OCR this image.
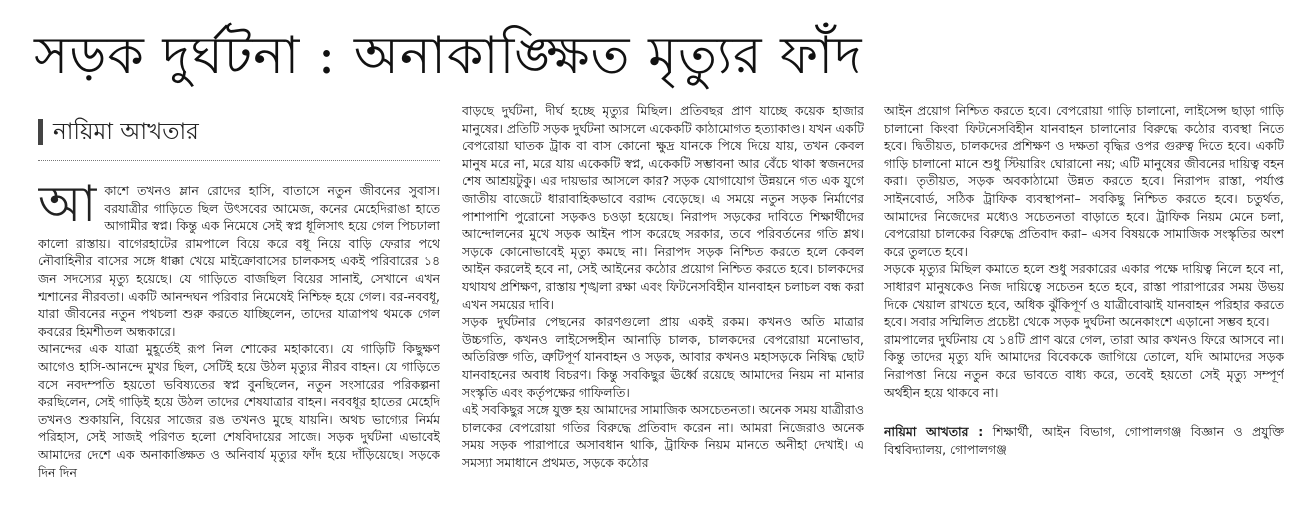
সড়ক দুর্ঘটনা : অনাকাঙ্ক্ষিত মৃত্যুর ফাঁদ
নায়িমা আখতার

আকাশে তখনও ম্লান রোদের হাসি, বাতাসে নতুন জীবনের সুবাস। বরযাত্রীর গাড়িতে ছিল উৎসবের আমেজ, কনের মেহেদিরাঙা হাতে আগামীর স্বপ্ন। কিন্তু এক নিমেষে সেই স্বপ্ন ধূলিসাৎ হয়ে গেল পিচঢালা কালো রাস্তায়। বাগেরহাটের রামপালে বিয়ে করে বধূ নিয়ে বাড়ি ফেরার পথে নৌবাহিনীর বাসের সঙ্গে ধাক্কা খেয়ে মাইক্রোবাসের চালকসহ একই পরিবারের ১৪ জন সদস্যের মৃত্যু হয়েছে। যে গাড়িতে বাজছিল বিয়ের সানাই, সেখানে এখন শ্মশানের নীরবতা। একটি আনন্দঘন পরিবার নিমেষেই নিশ্চিহ্ন হয়ে গেল। বর-নববধূ, যারা জীবনের নতুন পথচলা শুরু করতে যাচ্ছিলেন, তাদের যাত্রাপথ থমকে গেল কবরের হিমশীতল অন্ধকারে।

আনন্দের এক যাত্রা মুহূর্তেই রূপ নিল শোকের মহাকাব্যে। যে গাড়িটি কিছুক্ষণ আগেও হাসি-আনন্দে মুখর ছিল, সেটিই হয়ে উঠল মৃত্যুর নীরব বাহন। যে গাড়িতে বসে নবদম্পতি হয়তো ভবিষ্যতের স্বপ্ন বুনছিলেন, নতুন সংসারের পরিকল্পনা করছিলেন, সেই গাড়িই হয়ে উঠল তাদের শেষযাত্রার বাহন। নববধূর হাতের মেহেদি তখনও শুকায়নি, বিয়ের সাজের রঙ তখনও মুছে যায়নি। অথচ ভাগ্যের নির্মম পরিহাস, সেই সাজই পরিণত হলো শেষবিদায়ের সাজে। সড়ক দুর্ঘটনা এভাবেই আমাদের দেশে এক অনাকাঙ্ক্ষিত ও অনিবার্য মৃত্যুর ফাঁদ হয়ে দাঁড়িয়েছে। সড়কে দিন দিন

বাড়ছে দুর্ঘটনা, দীর্ঘ হচ্ছে মৃত্যুর মিছিল। প্রতিবছর প্রাণ যাচ্ছে কয়েক হাজার মানুষের। প্রতিটি সড়ক দুর্ঘটনা আসলে একেকটি কাঠামোগত হত্যাকাণ্ড। যখন একটি বেপরোয়া ঘাতক ট্রাক বা বাস কোনো ক্ষুদ্র যানকে পিষে দিয়ে যায়, তখন কেবল মানুষ মরে না, মরে যায় একেকটি স্বপ্ন, একেকটি সম্ভাবনা আর বেঁচে থাকা স্বজনদের শেষ আশ্রয়টুকু। এর দায়ভার আসলে কার? সড়ক যোগাযোগ উন্নয়নে গত এক যুগে জাতীয় বাজেটে ধারাবাহিকভাবে বরাদ্দ বেড়েছে। এ সময়ে নতুন সড়ক নির্মাণের পাশাপাশি পুরোনো সড়কও চওড়া হয়েছে। নিরাপদ সড়কের দাবিতে শিক্ষার্থীদের আন্দোলনের মুখে সড়ক আইন পাস করেছে সরকার, তবে পরিবর্তনের গতি শ্লথ। সড়কে কোনোভাবেই মৃত্যু কমছে না। নিরাপদ সড়ক নিশ্চিত করতে হলে কেবল আইন করলেই হবে না, সেই আইনের কঠোর প্রয়োগ নিশ্চিত করতে হবে। চালকদের যথাযথ প্রশিক্ষণ, রাস্তায় শৃঙ্খলা রক্ষা এবং ফিটনেসবিহীন যানবাহন চলাচল বন্ধ করা এখন সময়ের দাবি।

সড়ক দুর্ঘটনার পেছনের কারণগুলো প্রায় একই রকম। কখনও অতি মাত্রার উচ্চগতি, কখনও লাইসেন্সহীন আনাড়ি চালক, চালকদের বেপরোয়া মনোভাব, অতিরিক্ত গতি, ত্রুটিপূর্ণ যানবাহন ও সড়ক, আবার কখনও মহাসড়কে নিষিদ্ধ ছোট যানবাহনের অবাধ বিচরণ। কিন্তু সবকিছুর ঊর্ধ্বে রয়েছে আমাদের নিয়ম না মানার সংস্কৃতি এবং কর্তৃপক্ষের গাফিলতি।

এই সবকিছুর সঙ্গে যুক্ত হয় আমাদের সামাজিক অসচেতনতা। অনেক সময় যাত্রীরাও চালকের বেপরোয়া গতির বিরুদ্ধে প্রতিবাদ করেন না। আমরা নিজেরাও অনেক সময় সড়ক পারাপারে অসাবধান থাকি, ট্রাফিক নিয়ম মানতে অনীহা দেখাই। এ সমস্যা সমাধানে প্রথমত, সড়কে কঠোর

আইন প্রয়োগ নিশ্চিত করতে হবে। বেপরোয়া গাড়ি চালানো, লাইসেন্স ছাড়া গাড়ি চালানো কিংবা ফিটনেসবিহীন যানবাহন চালানোর বিরুদ্ধে কঠোর ব্যবস্থা নিতে হবে। দ্বিতীয়ত, চালকদের প্রশিক্ষণ ও দক্ষতা বৃদ্ধির ওপর গুরুত্ব দিতে হবে। একটি গাড়ি চালানো মানে শুধু স্টিয়ারিং ঘোরানো নয়; এটি মানুষের জীবনের দায়িত্ব বহন করা। তৃতীয়ত, সড়ক অবকাঠামো উন্নত করতে হবে। নিরাপদ রাস্তা, পর্যাপ্ত সাইনবোর্ড, সঠিক ট্রাফিক ব্যবস্থাপনা– সবকিছু নিশ্চিত করতে হবে। চতুর্থত, আমাদের নিজেদের মধ্যেও সচেতনতা বাড়াতে হবে। ট্রাফিক নিয়ম মেনে চলা, বেপরোয়া চালকের বিরুদ্ধে প্রতিবাদ করা– এসব বিষয়কে সামাজিক সংস্কৃতির অংশ করে তুলতে হবে।

সড়কে মৃত্যুর মিছিল কমাতে হলে শুধু সরকারের একার পক্ষে দায়িত্ব নিলে হবে না, সাধারণ মানুষকেও নিজ দায়িত্বে সচেতন হতে হবে, রাস্তা পারাপারের সময় উভয় দিকে খেয়াল রাখতে হবে, অধিক ঝুঁকিপূর্ণ ও যাত্রীবোঝাই যানবাহন পরিহার করতে হবে। সবার সম্মিলিত প্রচেষ্টা থেকে সড়ক দুর্ঘটনা অনেকাংশে এড়ানো সম্ভব হবে।

রামপালের দুর্ঘটনায় যে ১৪টি প্রাণ ঝরে গেল, তারা আর কখনও ফিরে আসবে না। কিন্তু তাদের মৃত্যু যদি আমাদের বিবেককে জাগিয়ে তোলে, যদি আমাদের সড়ক নিরাপত্তা নিয়ে নতুন করে ভাবতে বাধ্য করে, তবেই হয়তো সেই মৃত্যু সম্পূর্ণ অর্থহীন হয়ে থাকবে না।

নায়িমা আখতার : শিক্ষার্থী, আইন বিভাগ, গোপালগঞ্জ বিজ্ঞান ও প্রযুক্তি বিশ্ববিদ্যালয়, গোপালগঞ্জ
